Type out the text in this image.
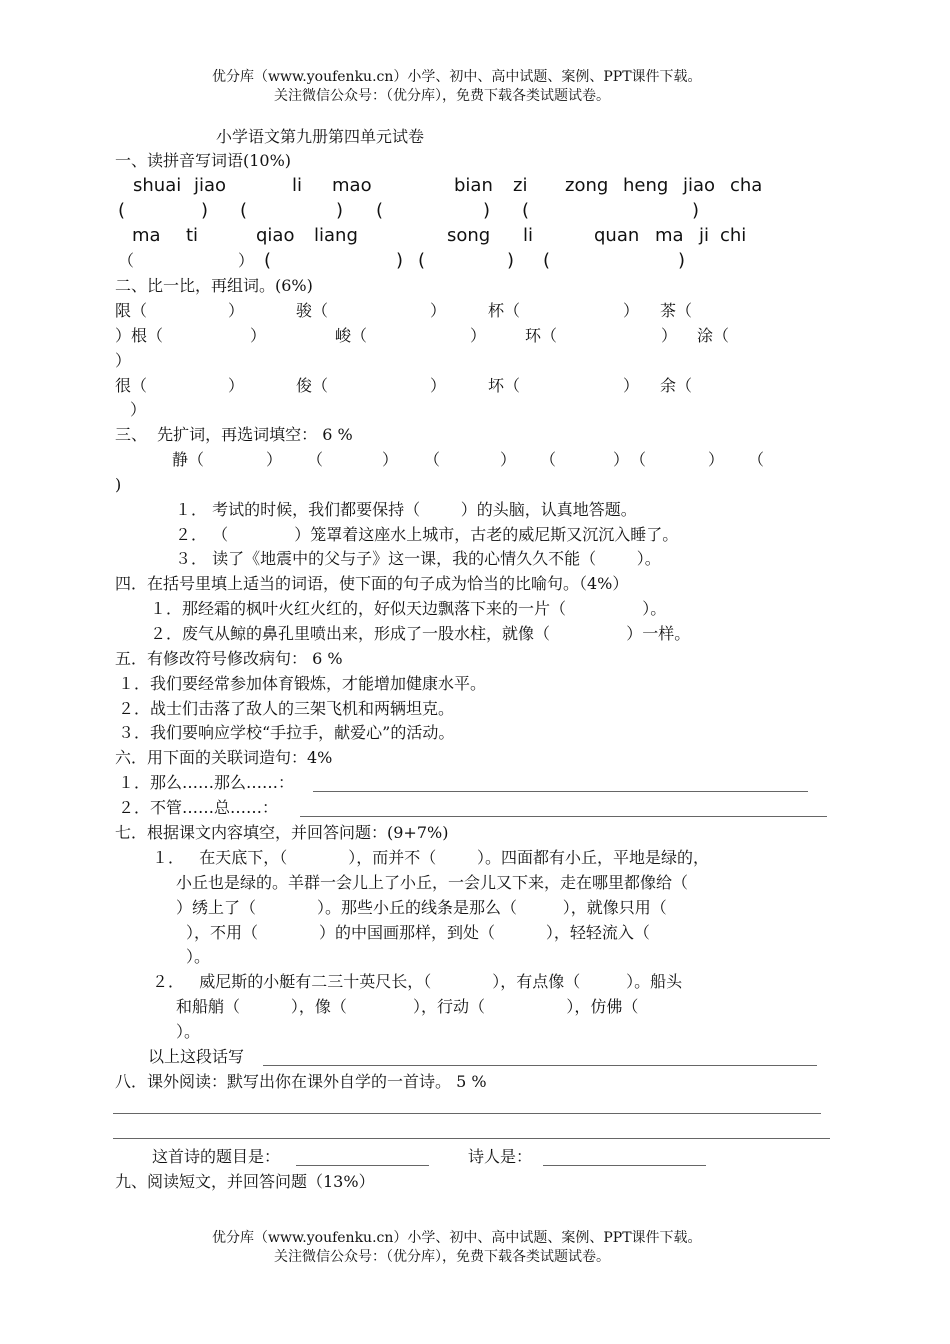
优分库（www.youfenku.cn）小学、初中、高中试题、案例、PPT课件下载。
关注微信公众号：（优分库），免费下载各类试题试卷。
小学语文第九册第四单元试卷
一、读拼音写词语(10%)
shuai jiao	li mao	bian zi zong heng jiao cha
(	) (	) (	) (	)
ma ti	qiao liang	song li	quan ma ji chi
（	） (	) (	) (	)
二、比一比，再组词。(6%)
限（	）	骏（	）	杯（	） 茶（
）根（	）	峻（	） 环（	） 涂（
）
很（	）	俊（	）	坏（	） 余（
）
三、  先扩词，再选词填空： 6 %
静（	） （	） （	） （	） （	） （
)
１． 考试的时候，我们都要保持（        ）的头脑，认真地答题。
２． （             ）笼罩着这座水上城市，古老的威尼斯又沉沉入睡了。
３． 读了《地震中的父与子》这一课，我的心情久久不能（        ）。
四．在括号里填上适当的词语，使下面的句子成为恰当的比喻句。（4%）
１．那经霜的枫叶火红火红的，好似天边飘落下来的一片（               ）。
２．废气从鲸的鼻孔里喷出来，形成了一股水柱，就像（               ）一样。
五．有修改符号修改病句： 6 %
１．我们要经常参加体育锻炼，才能增加健康水平。
２．战士们击落了敌人的三架飞机和两辆坦克。
３．我们要响应学校“手拉手，献爱心”的活动。
六．用下面的关联词造句：4%
１．那么……那么……：
２．不管……总……：
七．根据课文内容填空，并回答问题：(9+7%)
１．   在天底下，（            ），而并不（        ）。四面都有小丘，平地是绿的，
小丘也是绿的。羊群一会儿上了小丘，一会儿又下来，走在哪里都像给（
）绣上了（            ）。那些小丘的线条是那么（         ），就像只用（
），不用（            ）的中国画那样，到处（          ），轻轻流入（
）。
２．   威尼斯的小艇有二三十英尺长，（            ），有点像（         ）。船头
和船艄（          ），像（             ），行动（                ），仿佛（
）。
以上这段话写
八．课外阅读：默写出你在课外自学的一首诗。 5 %
这首诗的题目是：	诗人是：
九、阅读短文，并回答问题（13%）
优分库（www.youfenku.cn）小学、初中、高中试题、案例、PPT课件下载。
关注微信公众号：（优分库），免费下载各类试题试卷。
